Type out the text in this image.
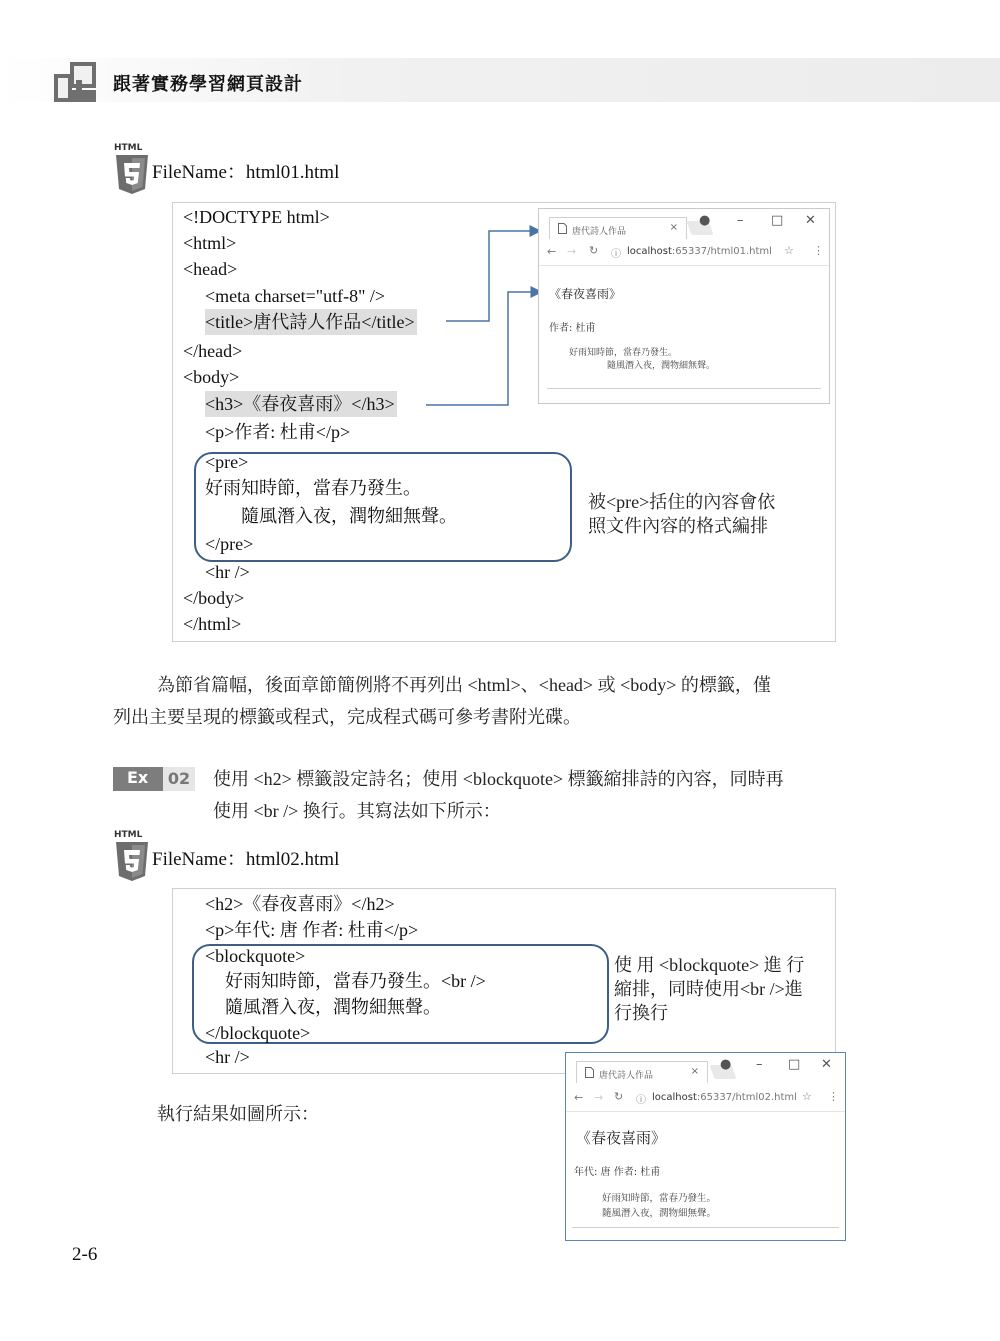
跟著實務學習網頁設計
HTML
FileName：html01.html
<!DOCTYPE html>
<html>
<head>
<meta charset="utf-8" />
<title>唐代詩人作品</title>
</head>
<body>
<h3>《春夜喜雨》</h3>
<p>作者: 杜甫</p>
<pre>
好雨知時節，當春乃發生。
隨風潛入夜，潤物細無聲。
</pre>
<hr />
</body>
</html>
被<pre>括住的內容會依
照文件內容的格式編排
唐代詩人作品	× ● – □ ✕
← → ↻ ⓘ localhost:65337/html01.html ☆ ⋮
《春夜喜雨》
作者: 杜甫
好雨知時節，當春乃發生。
隨風潛入夜，潤物細無聲。
為節省篇幅，後面章節簡例將不再列出 <html>、<head> 或 <body> 的標籤，僅
列出主要呈現的標籤或程式，完成程式碼可參考書附光碟。
Ex	02 使用 <h2> 標籤設定詩名；使用 <blockquote> 標籤縮排詩的內容，同時再
使用 <br /> 換行。其寫法如下所示：
HTML
FileName：html02.html
<h2>《春夜喜雨》</h2>
<p>年代: 唐 作者: 杜甫</p>
<blockquote>
好雨知時節，當春乃發生。<br />
隨風潛入夜，潤物細無聲。
</blockquote>
<hr />
使 用 <blockquote> 進 行
縮排，同時使用<br />進
行換行
執行結果如圖所示：
唐代詩人作品	× ● – □ ✕
← → ↻ ⓘ localhost:65337/html02.html ☆ ⋮
《春夜喜雨》
年代: 唐 作者: 杜甫
好雨知時節，當春乃發生。
隨風潛入夜，潤物細無聲。
2-6
